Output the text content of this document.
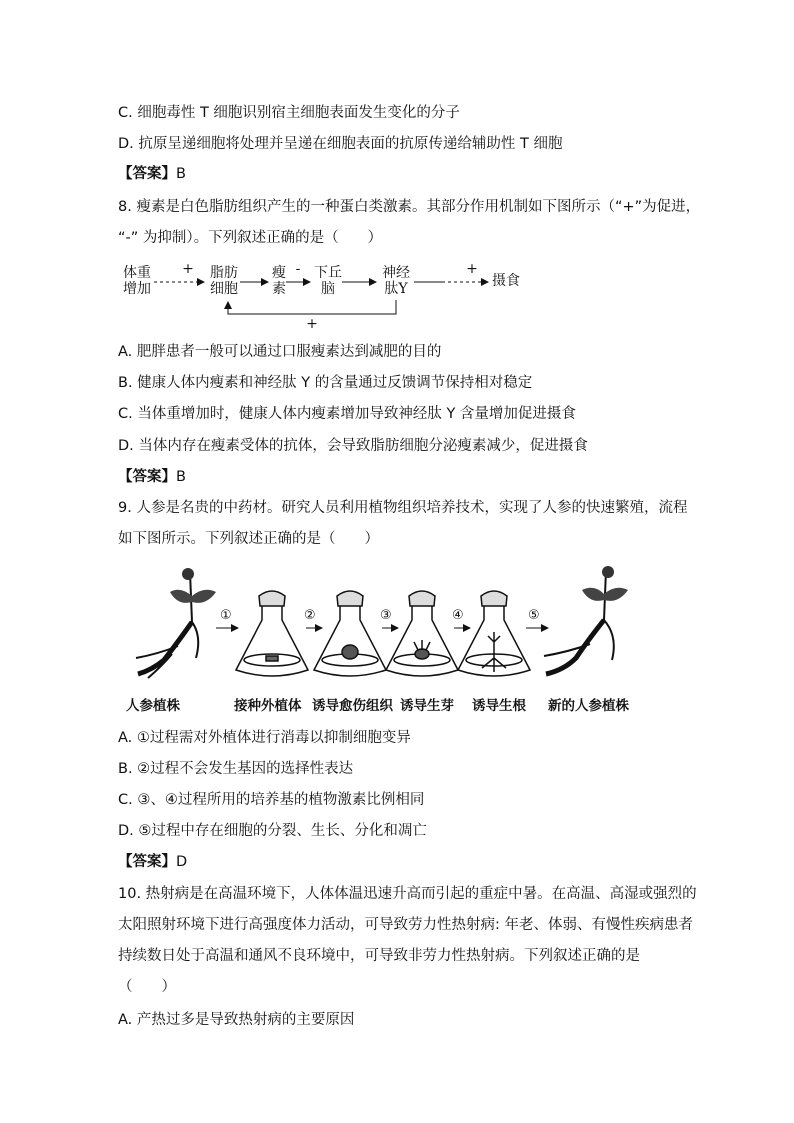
C. 细胞毒性 T 细胞识别宿主细胞表面发生变化的分子
D. 抗原呈递细胞将处理并呈递在细胞表面的抗原传递给辅助性 T 细胞
【答案】B
8. 瘦素是白色脂肪组织产生的一种蛋白类激素。其部分作用机制如下图所示（“+”为促进，
“-” 为抑制）。下列叙述正确的是（　　）
体重
增加
脂肪
细胞
瘦
素
下丘
脑
神经
肽Y	摄食
+	-	+
+
A. 肥胖患者一般可以通过口服瘦素达到减肥的目的
B. 健康人体内瘦素和神经肽 Y 的含量通过反馈调节保持相对稳定
C. 当体重增加时，健康人体内瘦素增加导致神经肽 Y 含量增加促进摄食
D. 当体内存在瘦素受体的抗体，会导致脂肪细胞分泌瘦素减少，促进摄食
【答案】B
9. 人参是名贵的中药材。研究人员利用植物组织培养技术，实现了人参的快速繁殖，流程
如下图所示。下列叙述正确的是（　　）
①	②	③	④	⑤
人参植株	接种外植体 诱导愈伤组织 诱导生芽 诱导生根 新的人参植株
A. ①过程需对外植体进行消毒以抑制细胞变异
B. ②过程不会发生基因的选择性表达
C. ③、④过程所用的培养基的植物激素比例相同
D. ⑤过程中存在细胞的分裂、生长、分化和凋亡
【答案】D
10. 热射病是在高温环境下，人体体温迅速升高而引起的重症中暑。在高温、高湿或强烈的
太阳照射环境下进行高强度体力活动，可导致劳力性热射病: 年老、体弱、有慢性疾病患者
持续数日处于高温和通风不良环境中，可导致非劳力性热射病。下列叙述正确的是
（　　）
A. 产热过多是导致热射病的主要原因
